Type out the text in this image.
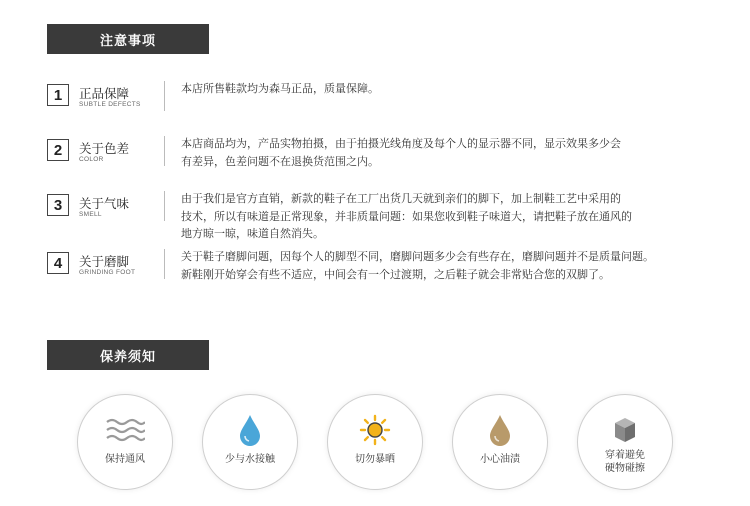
注意事项
1	正品保障
SUBTLE DEFECTS
本店所售鞋款均为森马正品，质量保障。
2	关于色差
COLOR
本店商品均为，产品实物拍摄，由于拍摄光线角度及每个人的显示器不同，显示效果多少会
有差异，色差问题不在退换货范围之内。
3	关于气味
SMELL
由于我们是官方直销，新款的鞋子在工厂出货几天就到亲们的脚下，加上制鞋工艺中采用的
技术，所以有味道是正常现象，并非质量问题：如果您收到鞋子味道大，请把鞋子放在通风的
地方晾一晾，味道自然消失。
4	关于磨脚
GRINDING FOOT
关于鞋子磨脚问题，因每个人的脚型不同，磨脚问题多少会有些存在，磨脚问题并不是质量问题。
新鞋刚开始穿会有些不适应，中间会有一个过渡期，之后鞋子就会非常贴合您的双脚了。
保养须知
保持通风	少与水接触	切勿暴晒	小心油渍	穿着避免
硬物碰擦
